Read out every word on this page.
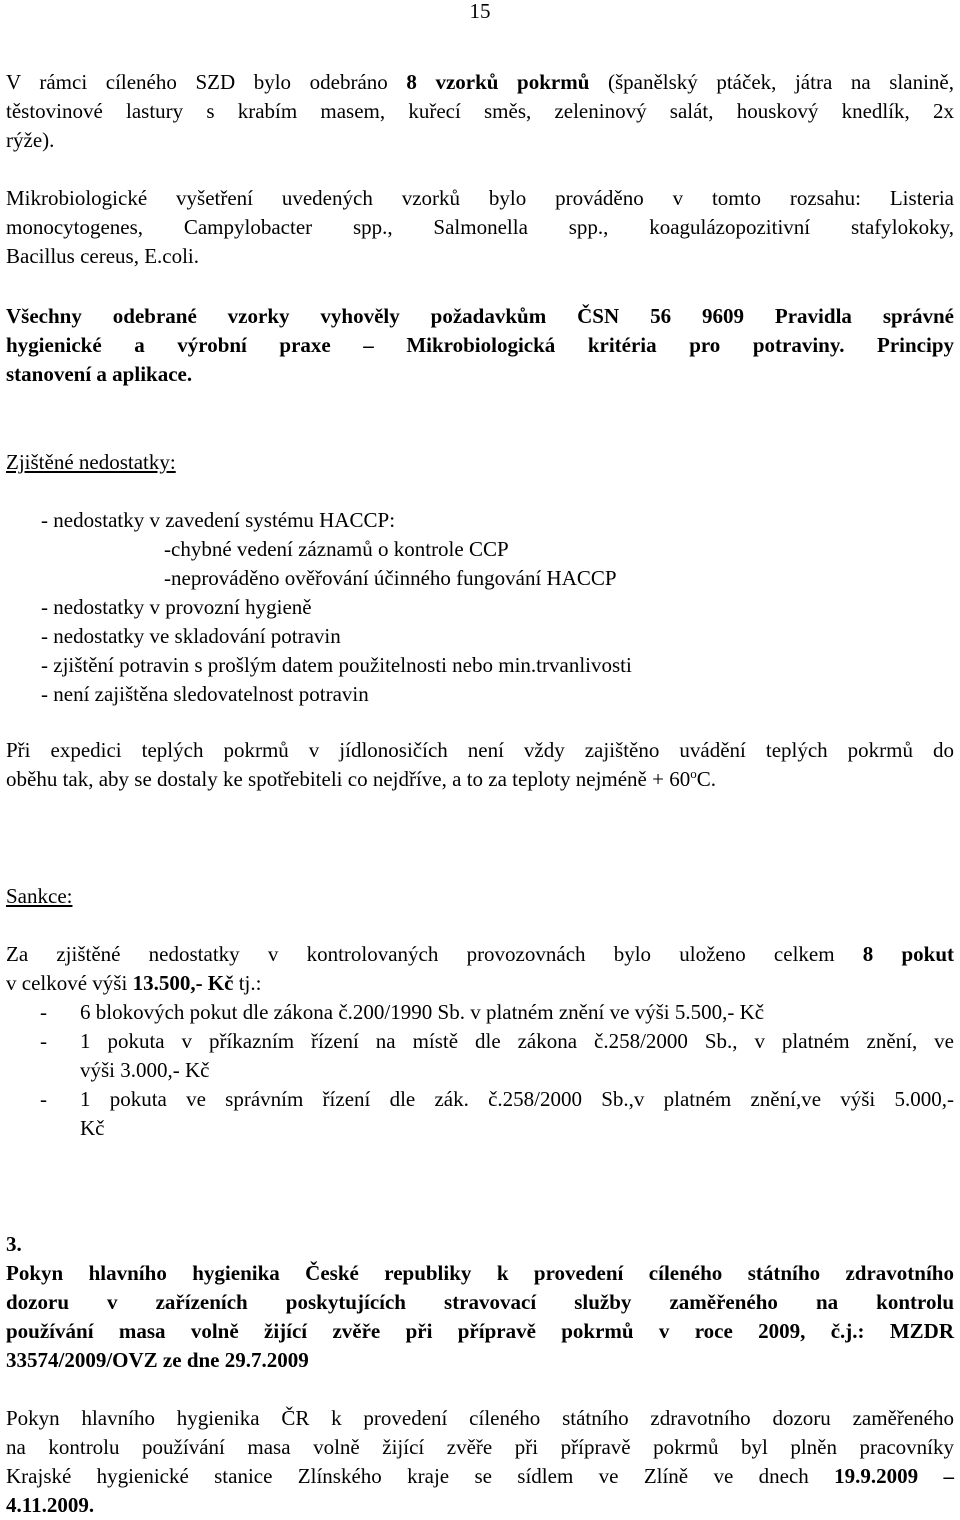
15
V rámci cíleného SZD bylo odebráno 8 vzorků pokrmů (španělský ptáček, játra na slanině,
těstovinové lastury s krabím masem, kuřecí směs, zeleninový salát, houskový knedlík, 2x
rýže).
Mikrobiologické vyšetření uvedených vzorků bylo prováděno v tomto rozsahu: Listeria
monocytogenes, Campylobacter spp., Salmonella spp., koagulázopozitivní stafylokoky,
Bacillus cereus, E.coli.
Všechny odebrané vzorky vyhověly požadavkům ČSN 56 9609 Pravidla správné
hygienické a výrobní praxe – Mikrobiologická kritéria pro potraviny. Principy
stanovení a aplikace.
Zjištěné nedostatky:
- nedostatky v zavedení systému HACCP:
-chybné vedení záznamů o kontrole CCP
-neprováděno ověřování účinného fungování HACCP
- nedostatky v provozní hygieně
- nedostatky ve skladování potravin
- zjištění potravin s prošlým datem použitelnosti nebo min.trvanlivosti
- není zajištěna sledovatelnost potravin
Při expedici teplých pokrmů v jídlonosičích není vždy zajištěno uvádění teplých pokrmů do
oběhu tak, aby se dostaly ke spotřebiteli co nejdříve, a to za teploty nejméně + $60^oC$.
Sankce:
Za zjištěné nedostatky v kontrolovaných provozovnách bylo uloženo celkem 8 pokut
v celkové výši 13.500,- Kč tj.:
- 6 blokových pokut dle zákona č.200/1990 Sb. v platném znění ve výši 5.500,- Kč
- 1 pokuta v příkazním řízení na místě dle zákona č.258/2000 Sb., v platném znění, ve
výši 3.000,- Kč
- 1 pokuta ve správním řízení dle zák. č.258/2000 Sb.,v platném znění,ve výši 5.000,-
Kč
3.
Pokyn hlavního hygienika České republiky k provedení cíleného státního zdravotního
dozoru v zařízeních poskytujících stravovací služby zaměřeného na kontrolu
používání masa volně žijící zvěře při přípravě pokrmů v roce 2009, č.j.: MZDR
33574/2009/OVZ ze dne 29.7.2009
Pokyn hlavního hygienika ČR k provedení cíleného státního zdravotního dozoru zaměřeného
na kontrolu používání masa volně žijící zvěře při přípravě pokrmů byl plněn pracovníky
Krajské hygienické stanice Zlínského kraje se sídlem ve Zlíně ve dnech 19.9.2009 –
4.11.2009.
